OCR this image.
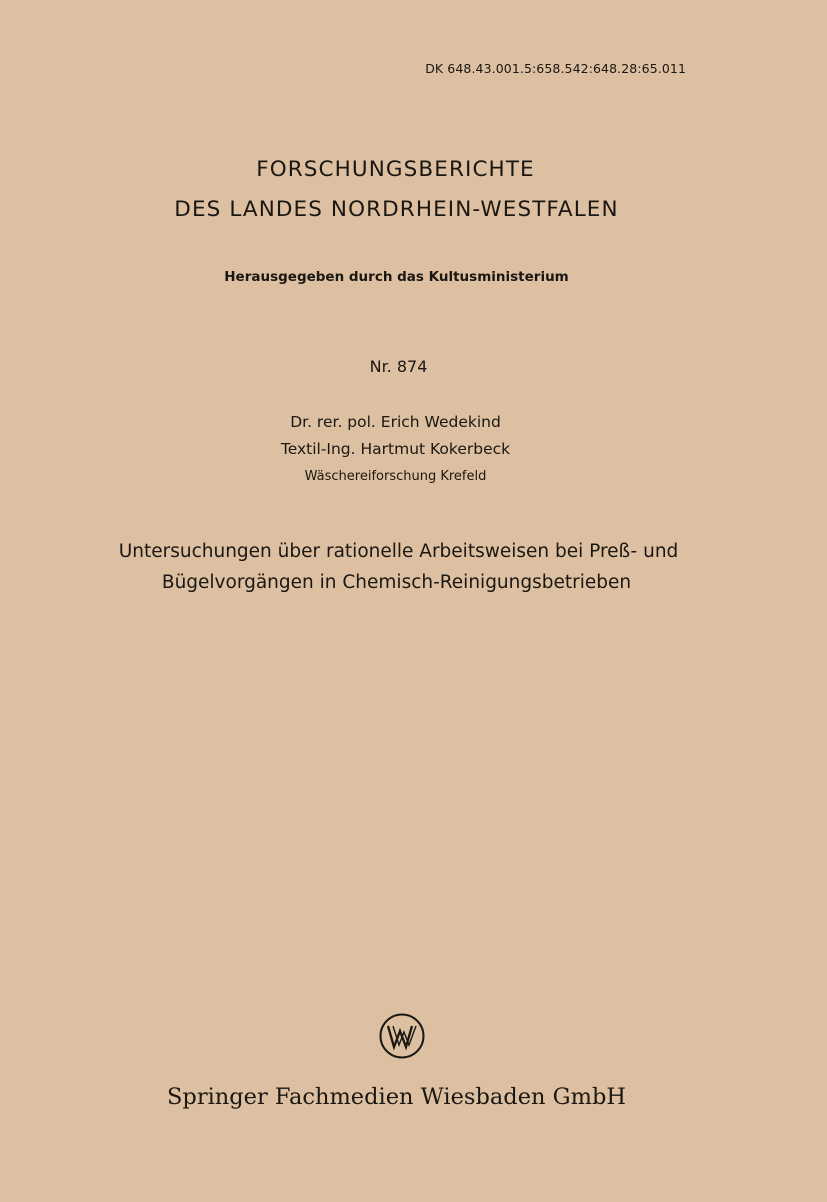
DK 648.43.001.5:658.542:648.28:65.011
FORSCHUNGSBERICHTE
DES LANDES NORDRHEIN-WESTFALEN
Herausgegeben durch das Kultusministerium
Nr. 874
Dr. rer. pol. Erich Wedekind
Textil-Ing. Hartmut Kokerbeck
Wäschereiforschung Krefeld
Untersuchungen über rationelle Arbeitsweisen bei Preß- und
Bügelvorgängen in Chemisch-Reinigungsbetrieben
Springer Fachmedien Wiesbaden GmbH
